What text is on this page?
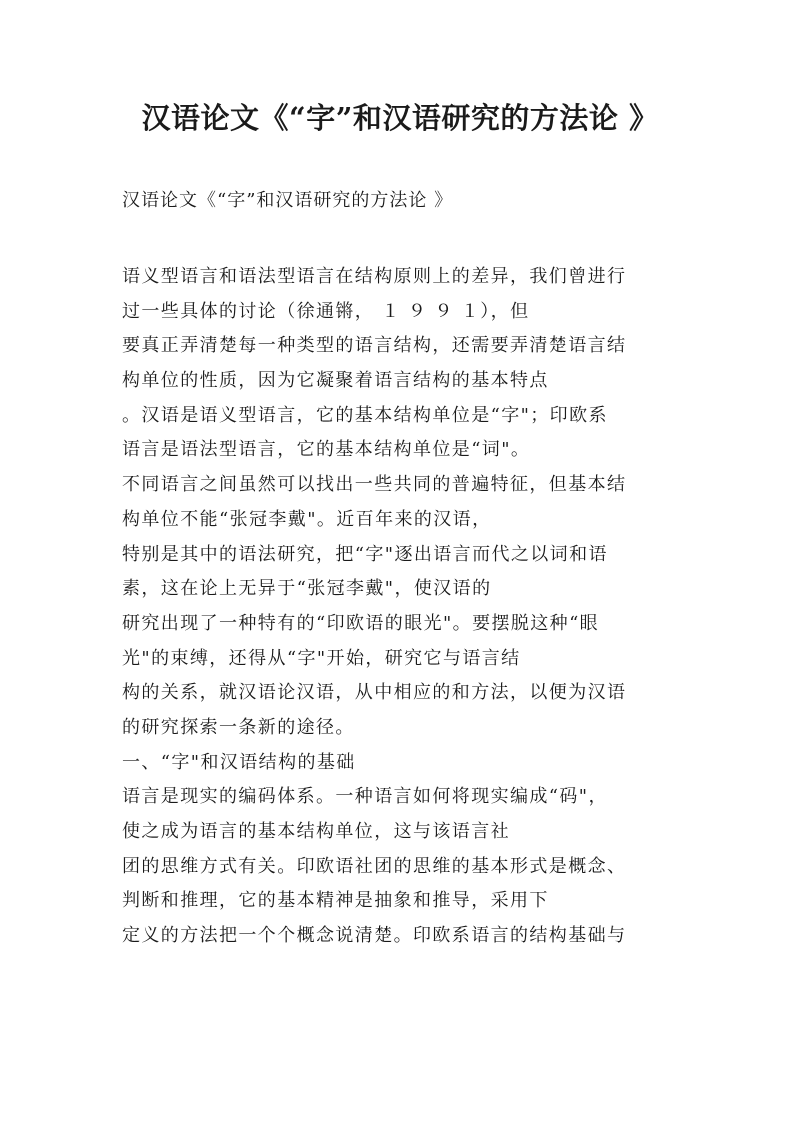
汉语论文《“字”和汉语研究的方法论 》
汉语论文《“字”和汉语研究的方法论 》
语义型语言和语法型语言在结构原则上的差异，我们曾进行
过一些具体的讨论（徐通锵， １ ９ ９ １），但
要真正弄清楚每一种类型的语言结构，还需要弄清楚语言结
构单位的性质，因为它凝聚着语言结构的基本特点
。汉语是语义型语言，它的基本结构单位是“字"；印欧系
语言是语法型语言，它的基本结构单位是“词"。
不同语言之间虽然可以找出一些共同的普遍特征，但基本结
构单位不能“张冠李戴"。近百年来的汉语，
特别是其中的语法研究，把“字"逐出语言而代之以词和语
素，这在论上无异于“张冠李戴"，使汉语的
研究出现了一种特有的“印欧语的眼光"。要摆脱这种“眼
光"的束缚，还得从“字"开始，研究它与语言结
构的关系，就汉语论汉语，从中相应的和方法，以便为汉语
的研究探索一条新的途径。
一、“字"和汉语结构的基础
语言是现实的编码体系。一种语言如何将现实编成“码"，
使之成为语言的基本结构单位，这与该语言社
团的思维方式有关。印欧语社团的思维的基本形式是概念、
判断和推理，它的基本精神是抽象和推导，采用下
定义的方法把一个个概念说清楚。印欧系语言的结构基础与
